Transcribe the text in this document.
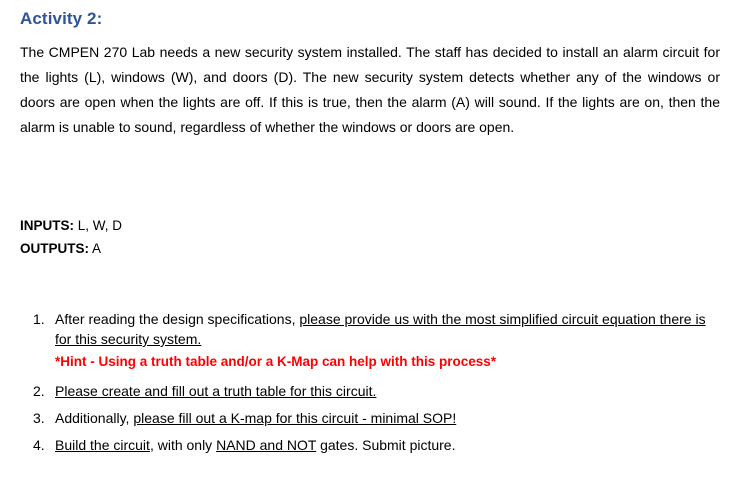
Activity 2:
The CMPEN 270 Lab needs a new security system installed. The staff has decided to install an alarm circuit for the lights (L), windows (W), and doors (D). The new security system detects whether any of the windows or doors are open when the lights are off. If this is true, then the alarm (A) will sound. If the lights are on, then the alarm is unable to sound, regardless of whether the windows or doors are open.
INPUTS: L, W, D
OUTPUTS: A
1. After reading the design specifications, please provide us with the most simplified circuit equation there is for this security system.
*Hint - Using a truth table and/or a K-Map can help with this process*
2. Please create and fill out a truth table for this circuit.
3. Additionally, please fill out a K-map for this circuit - minimal SOP!
4. Build the circuit, with only NAND and NOT gates. Submit picture.
